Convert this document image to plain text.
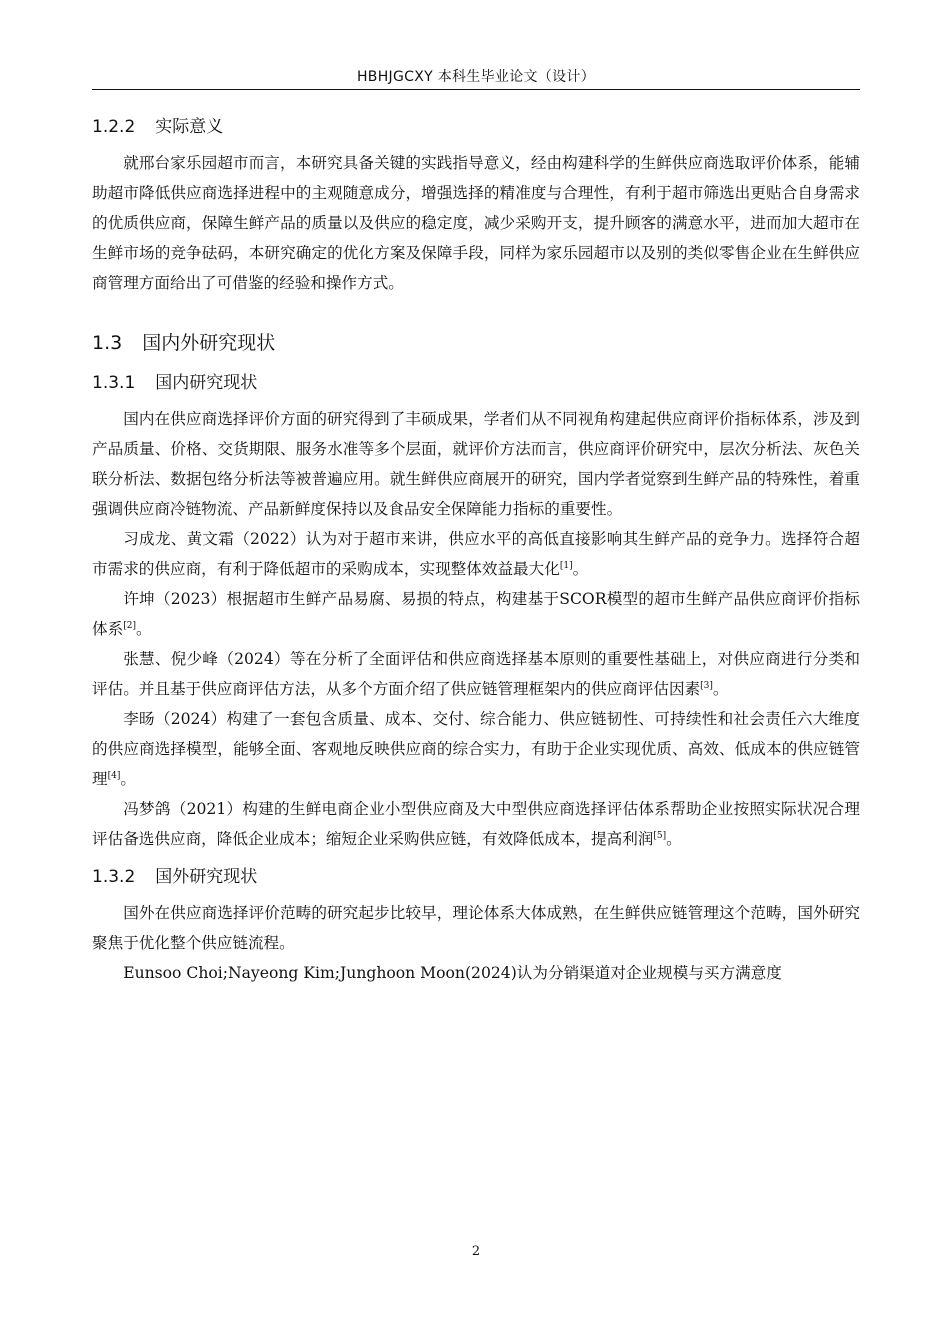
HBHJGCXY 本科生毕业论文（设计）
1.2.2 实际意义

就邢台家乐园超市而言，本研究具备关键的实践指导意义，经由构建科学的生鲜供应商选取评价体系，能辅助超市降低供应商选择进程中的主观随意成分，增强选择的精准度与合理性，有利于超市筛选出更贴合自身需求的优质供应商，保障生鲜产品的质量以及供应的稳定度，减少采购开支，提升顾客的满意水平，进而加大超市在生鲜市场的竞争砝码，本研究确定的优化方案及保障手段，同样为家乐园超市以及别的类似零售企业在生鲜供应商管理方面给出了可借鉴的经验和操作方式。

1.3 国内外研究现状
1.3.1 国内研究现状

国内在供应商选择评价方面的研究得到了丰硕成果，学者们从不同视角构建起供应商评价指标体系，涉及到产品质量、价格、交货期限、服务水准等多个层面，就评价方法而言，供应商评价研究中，层次分析法、灰色关联分析法、数据包络分析法等被普遍应用。就生鲜供应商展开的研究，国内学者觉察到生鲜产品的特殊性，着重强调供应商冷链物流、产品新鲜度保持以及食品安全保障能力指标的重要性。

习成龙、黄文霜（2022）认为对于超市来讲，供应水平的高低直接影响其生鲜产品的竞争力。选择符合超市需求的供应商，有利于降低超市的采购成本，实现整体效益最大化[1]。

许坤（2023）根据超市生鲜产品易腐、易损的特点，构建基于SCOR模型的超市生鲜产品供应商评价指标体系[2]。

张慧、倪少峰（2024）等在分析了全面评估和供应商选择基本原则的重要性基础上，对供应商进行分类和评估。并且基于供应商评估方法，从多个方面介绍了供应链管理框架内的供应商评估因素[3]。

李旸（2024）构建了一套包含质量、成本、交付、综合能力、供应链韧性、可持续性和社会责任六大维度的供应商选择模型，能够全面、客观地反映供应商的综合实力，有助于企业实现优质、高效、低成本的供应链管理[4]。

冯梦鸽（2021）构建的生鲜电商企业小型供应商及大中型供应商选择评估体系帮助企业按照实际状况合理评估备选供应商，降低企业成本；缩短企业采购供应链，有效降低成本，提高利润[5]。

1.3.2 国外研究现状

国外在供应商选择评价范畴的研究起步比较早，理论体系大体成熟，在生鲜供应链管理这个范畴，国外研究聚焦于优化整个供应链流程。

Eunsoo Choi;Nayeong Kim;Junghoon Moon(2024)认为分销渠道对企业规模与买方满意度

2
